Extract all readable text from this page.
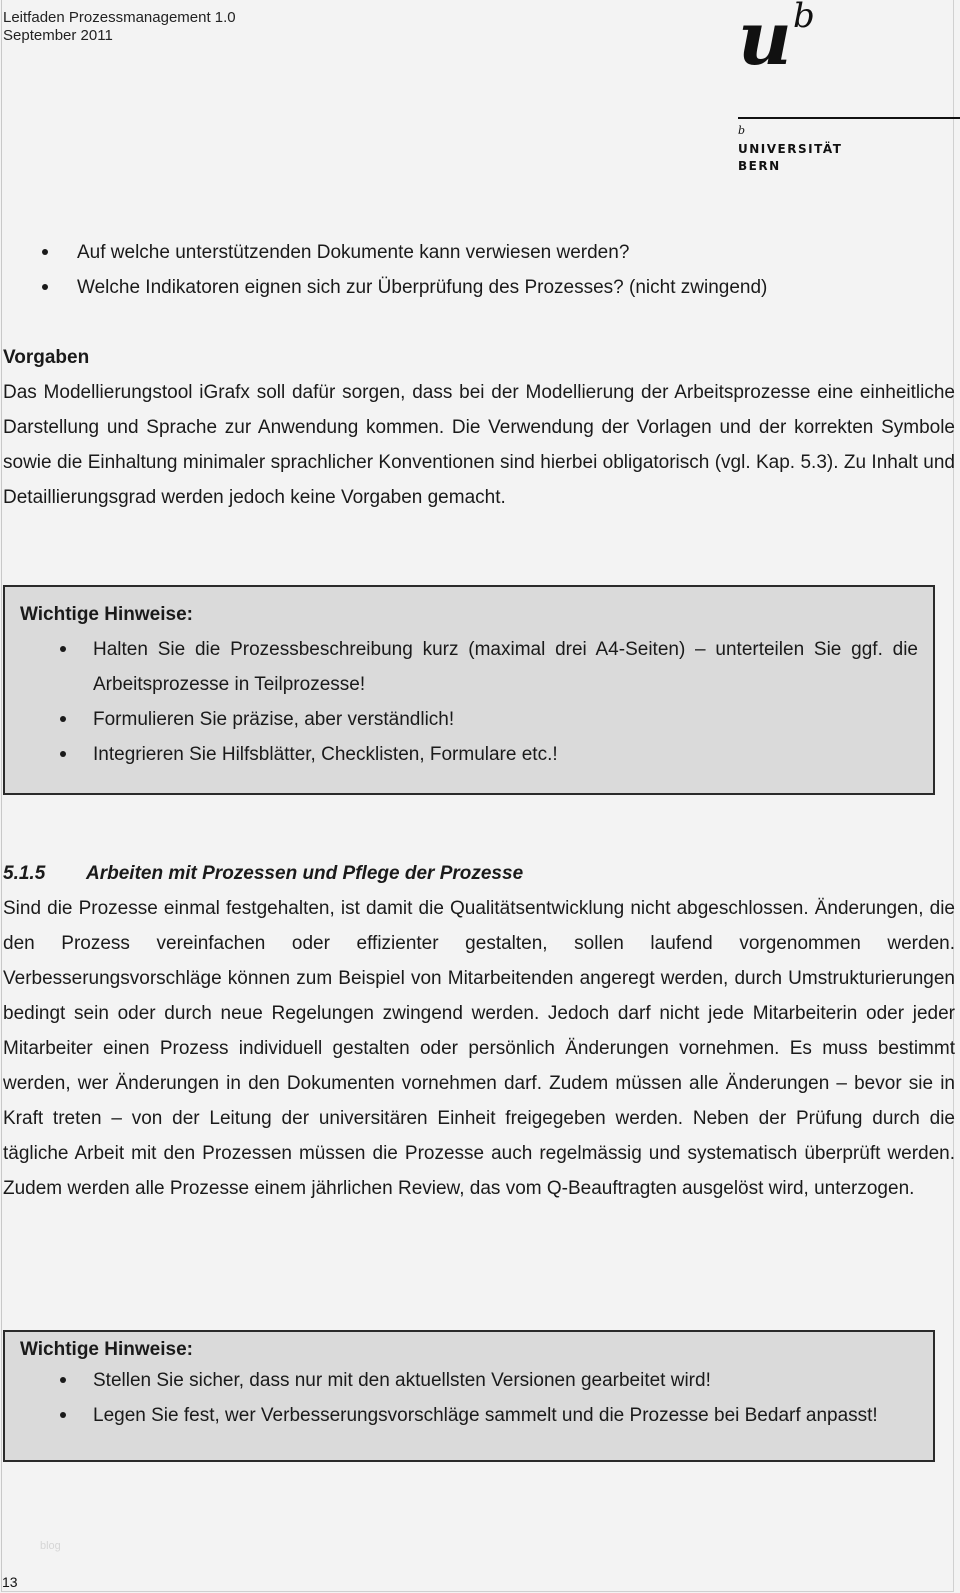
Leitfaden Prozessmanagement 1.0
September 2011	u b
b
UNIVERSITÄT
BERN
Auf welche unterstützenden Dokumente kann verwiesen werden?
Welche Indikatoren eignen sich zur Überprüfung des Prozesses? (nicht zwingend)
Vorgaben

Das Modellierungstool iGrafx soll dafür sorgen, dass bei der Modellierung der Arbeitsprozesse eine einheitliche Darstellung und Sprache zur Anwendung kommen. Die Verwendung der Vorlagen und der korrekten Symbole sowie die Einhaltung minimaler sprachlicher Konventionen sind hierbei obligatorisch (vgl. Kap. 5.3). Zu Inhalt und Detaillierungsgrad werden jedoch keine Vorgaben gemacht.

Wichtige Hinweise:
Halten Sie die Prozessbeschreibung kurz (maximal drei A4-Seiten) – unterteilen Sie ggf. die Arbeitsprozesse in Teilprozesse!
Formulieren Sie präzise, aber verständlich!
Integrieren Sie Hilfsblätter, Checklisten, Formulare etc.!
5.1.5 Arbeiten mit Prozessen und Pflege der Prozesse

Sind die Prozesse einmal festgehalten, ist damit die Qualitätsentwicklung nicht abgeschlossen. Änderungen, die den Prozess vereinfachen oder effizienter gestalten, sollen laufend vorgenommen werden. Verbesserungsvorschläge können zum Beispiel von Mitarbeitenden angeregt werden, durch Umstrukturierungen bedingt sein oder durch neue Regelungen zwingend werden. Jedoch darf nicht jede Mitarbeiterin oder jeder Mitarbeiter einen Prozess individuell gestalten oder persönlich Änderungen vornehmen. Es muss bestimmt werden, wer Änderungen in den Dokumenten vornehmen darf. Zudem müssen alle Änderungen – bevor sie in Kraft treten – von der Leitung der universitären Einheit freigegeben werden. Neben der Prüfung durch die tägliche Arbeit mit den Prozessen müssen die Prozesse auch regelmässig und systematisch überprüft werden. Zudem werden alle Prozesse einem jährlichen Review, das vom Q-Beauftragten ausgelöst wird, unterzogen.

Wichtige Hinweise:
Stellen Sie sicher, dass nur mit den aktuellsten Versionen gearbeitet wird!
Legen Sie fest, wer Verbesserungsvorschläge sammelt und die Prozesse bei Bedarf anpasst!
blog
13
